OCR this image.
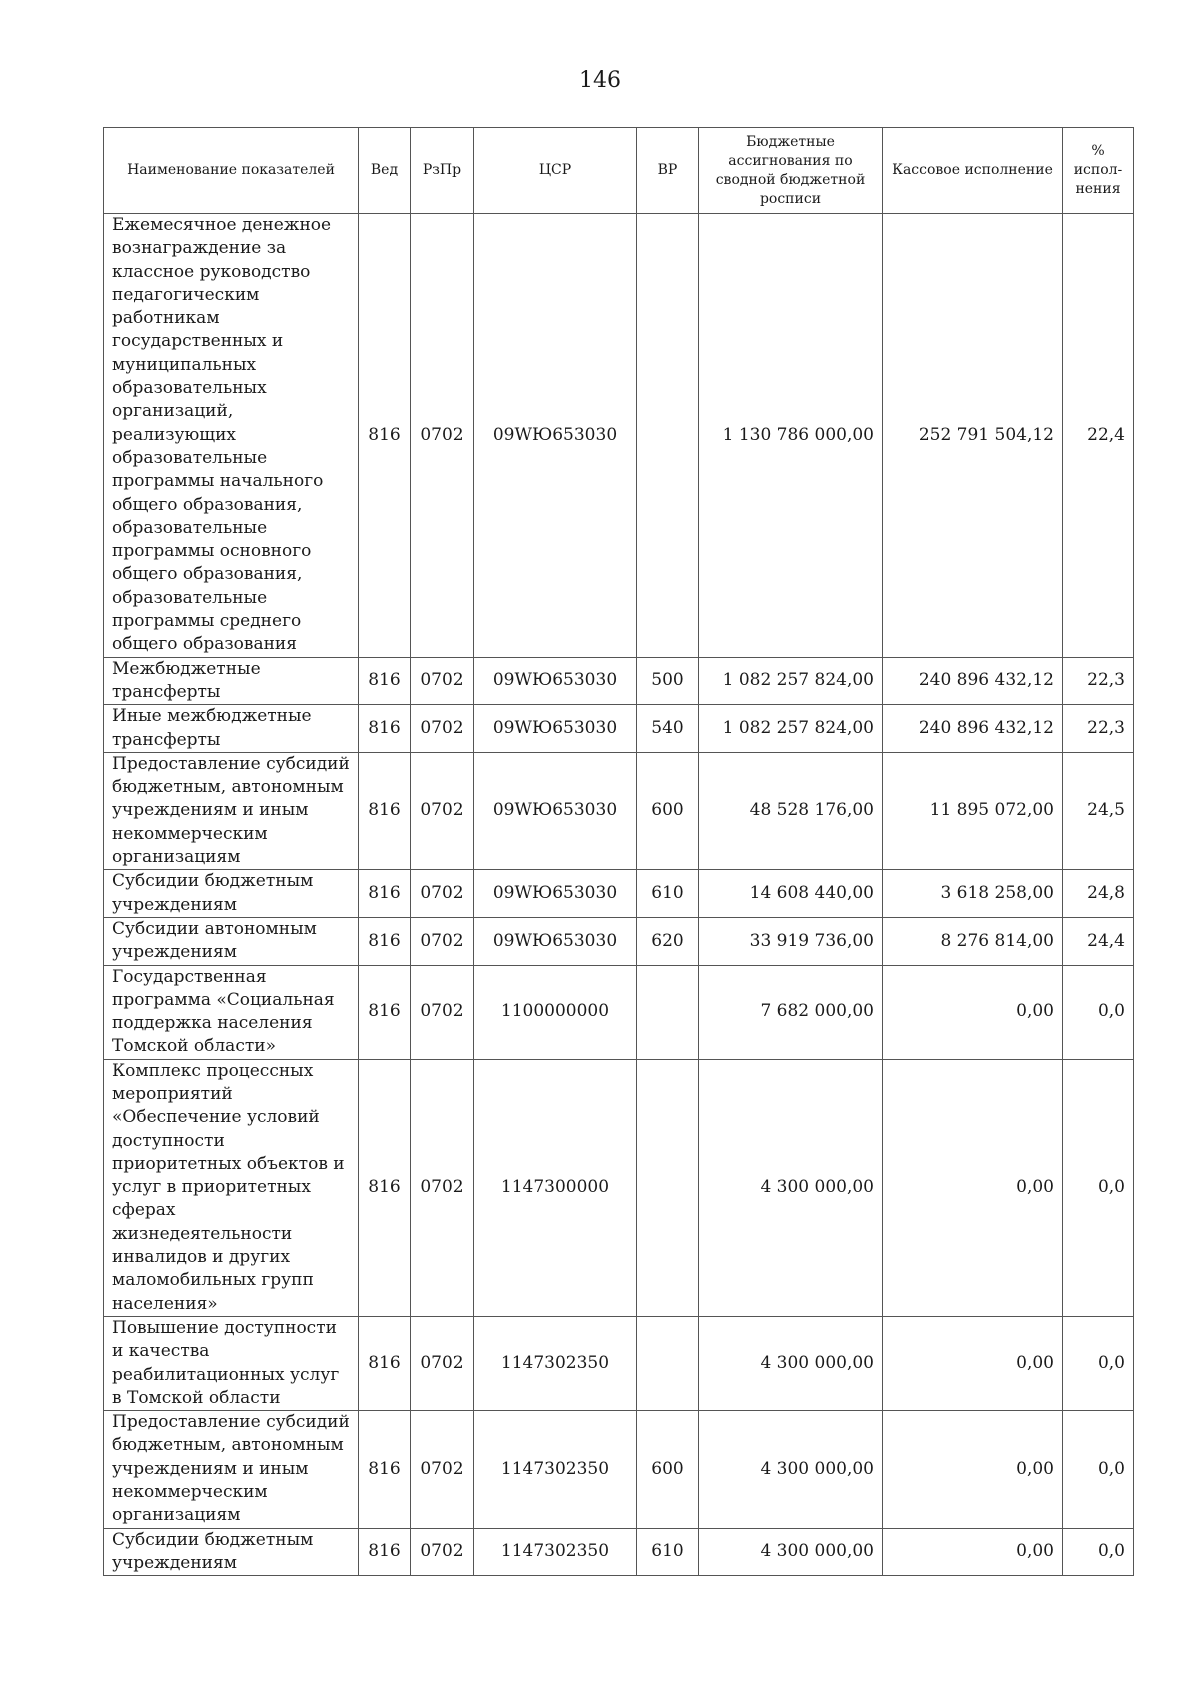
146
Наименование показателей	Вед	РзПр	ЦСР	ВР	Бюджетные ассигнования по сводной бюджетной росписи	Кассовое исполнение	% испол-нения
Ежемесячное денежное вознаграждение за классное руководство педагогическим работникам государственных и муниципальных образовательных организаций, реализующих образовательные программы начального общего образования, образовательные программы основного общего образования, образовательные программы среднего общего образования	816	0702	09WЮ653030		1 130 786 000,00	252 791 504,12	22,4
Межбюджетные трансферты	816	0702	09WЮ653030	500	1 082 257 824,00	240 896 432,12	22,3
Иные межбюджетные трансферты	816	0702	09WЮ653030	540	1 082 257 824,00	240 896 432,12	22,3
Предоставление субсидий бюджетным, автономным учреждениям и иным некоммерческим организациям	816	0702	09WЮ653030	600	48 528 176,00	11 895 072,00	24,5
Субсидии бюджетным учреждениям	816	0702	09WЮ653030	610	14 608 440,00	3 618 258,00	24,8
Субсидии автономным учреждениям	816	0702	09WЮ653030	620	33 919 736,00	8 276 814,00	24,4
Государственная программа «Социальная поддержка населения Томской области»	816	0702	1100000000		7 682 000,00	0,00	0,0
Комплекс процессных мероприятий «Обеспечение условий доступности приоритетных объектов и услуг в приоритетных сферах жизнедеятельности инвалидов и других маломобильных групп населения»	816	0702	1147300000		4 300 000,00	0,00	0,0
Повышение доступности и качества реабилитационных услуг в Томской области	816	0702	1147302350		4 300 000,00	0,00	0,0
Предоставление субсидий бюджетным, автономным учреждениям и иным некоммерческим организациям	816	0702	1147302350	600	4 300 000,00	0,00	0,0
Субсидии бюджетным учреждениям	816	0702	1147302350	610	4 300 000,00	0,00	0,0
